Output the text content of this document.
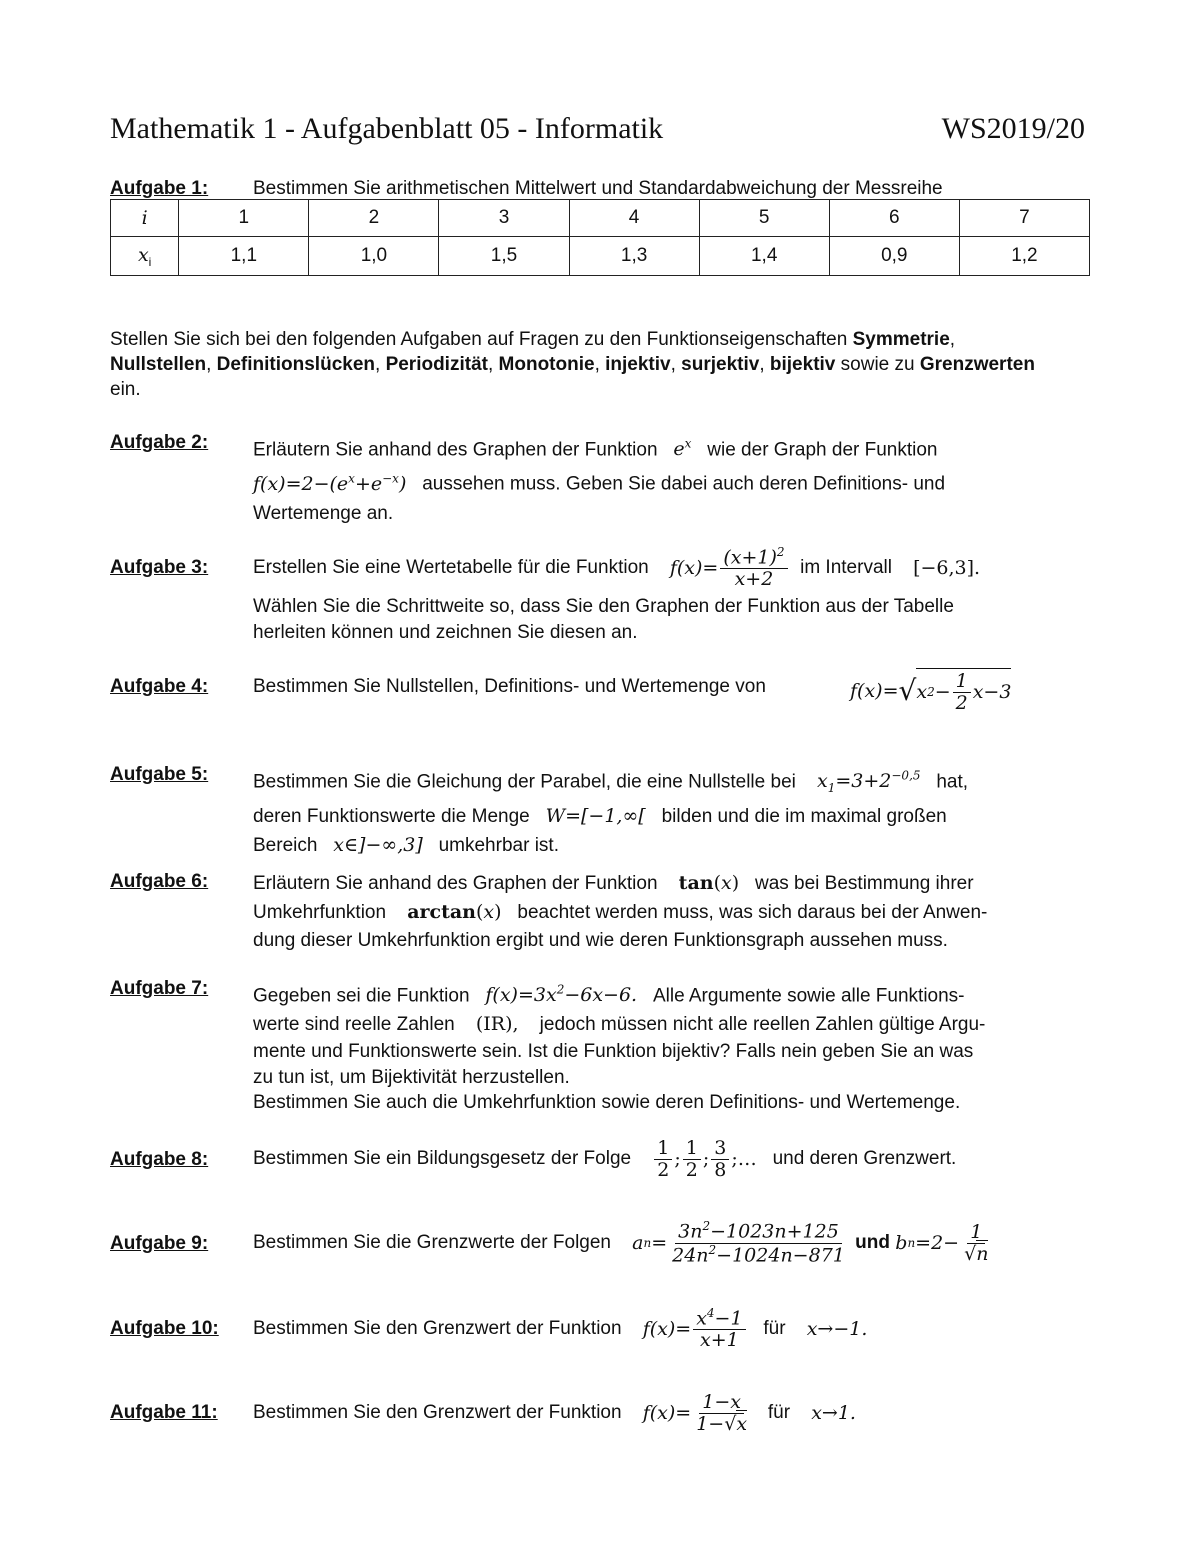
Mathematik 1 - Aufgabenblatt 05 - Informatik	WS2019/20
Aufgabe 1: Bestimmen Sie arithmetischen Mittelwert und Standardabweichung der Messreihe
i	1	2	3	4	5	6	7
$x_i$	1,1	1,0	1,5	1,3	1,4	0,9	1,2
Stellen Sie sich bei den folgenden Aufgaben auf Fragen zu den Funktionseigenschaften Symmetrie, Nullstellen, Definitionslücken, Periodizität, Monotonie, injektiv, surjektiv, bijektiv sowie zu Grenzwerten ein.
Aufgabe 2: Erläutern Sie anhand des Graphen der Funktion $e^x$ wie der Graph der Funktion
$f(x)=2-(e^x+e^{-x})$ aussehen muss. Geben Sie dabei auch deren Definitions- und
Wertemenge an.
Aufgabe 3: Erstellen Sie eine Wertetabelle für die Funktion
$f(x)= \frac{(x+1)^2}{x+2}$
im Intervall
[−6,3].
Wählen Sie die Schrittweite so, dass Sie den Graphen der Funktion aus der Tabelle
herleiten können und zeichnen Sie diesen an.
Aufgabe 4: Bestimmen Sie Nullstellen, Definitions- und Wertemenge von	f(x)= √ x $2 - \frac{1}{2} x-3$
Aufgabe 5: Bestimmen Sie die Gleichung der Parabel, die eine Nullstelle bei $x_1=3+2^{-0,5}$ hat,
deren Funktionswerte die Menge W=[−1,∞[ bilden und die im maximal großen
Bereich x∈]−∞,3] umkehrbar ist.
Aufgabe 6: Erläutern Sie anhand des Graphen der Funktion tan(x) was bei Bestimmung ihrer
Umkehrfunktion arctan(x) beachtet werden muss, was sich daraus bei der Anwen-
dung dieser Umkehrfunktion ergibt und wie deren Funktionsgraph aussehen muss.
Aufgabe 7: Gegeben sei die Funktion $f(x)=3x^2-6x-6$. Alle Argumente sowie alle Funktions-
werte sind reelle Zahlen (IR), jedoch müssen nicht alle reellen Zahlen gültige Argu-
mente und Funktionswerte sein. Ist die Funktion bijektiv? Falls nein geben Sie an was
zu tun ist, um Bijektivität herzustellen.
Bestimmen Sie auch die Umkehrfunktion sowie deren Definitions- und Wertemenge.
Aufgabe 8: Bestimmen Sie ein Bildungsgesetz der Folge
$\frac{1}{2}$ ; $\frac{1}{2}$ ; $\frac{3}{8}$ ;…
und deren Grenzwert.
Aufgabe 9: Bestimmen Sie die Grenzwerte der Folgen
a $n = \frac{3n^2-1023n+125}{24n^2-1024n-871}$
und
b $n =2- \frac{1}{√n}$
Aufgabe 10: Bestimmen Sie den Grenzwert der Funktion
$f(x)= \frac{x^4-1}{x+1}$
für
x→−1.
Aufgabe 11: Bestimmen Sie den Grenzwert der Funktion
$f(x)= \frac{1-x}{1-√x}$
für
x→1.
